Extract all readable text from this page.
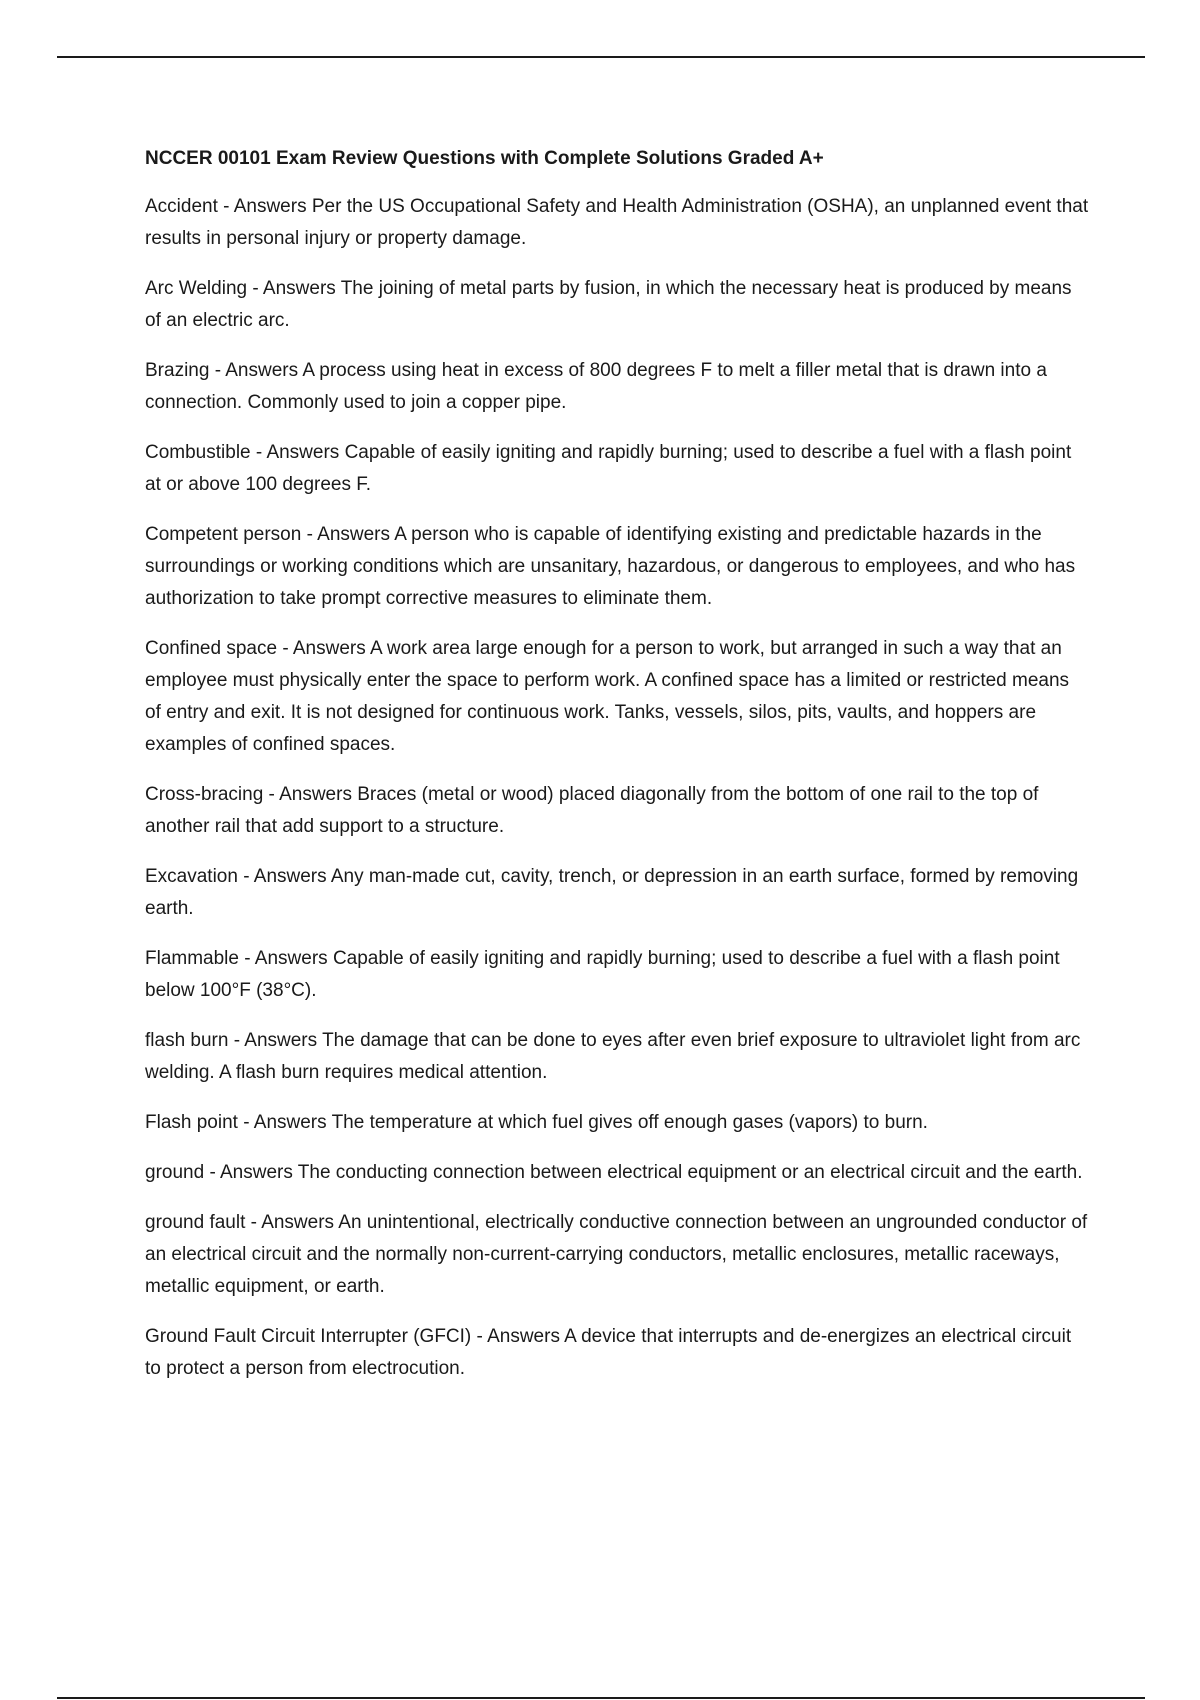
NCCER 00101 Exam Review Questions with Complete Solutions Graded A+

Accident - Answers Per the US Occupational Safety and Health Administration (OSHA), an unplanned event that results in personal injury or property damage.

Arc Welding - Answers The joining of metal parts by fusion, in which the necessary heat is produced by means of an electric arc.

Brazing - Answers A process using heat in excess of 800 degrees F to melt a filler metal that is drawn into a connection. Commonly used to join a copper pipe.

Combustible - Answers Capable of easily igniting and rapidly burning; used to describe a fuel with a flash point at or above 100 degrees F.

Competent person - Answers A person who is capable of identifying existing and predictable hazards in the surroundings or working conditions which are unsanitary, hazardous, or dangerous to employees, and who has authorization to take prompt corrective measures to eliminate them.

Confined space - Answers A work area large enough for a person to work, but arranged in such a way that an employee must physically enter the space to perform work. A confined space has a limited or restricted means of entry and exit. It is not designed for continuous work. Tanks, vessels, silos, pits, vaults, and hoppers are examples of confined spaces.

Cross-bracing - Answers Braces (metal or wood) placed diagonally from the bottom of one rail to the top of another rail that add support to a structure.

Excavation - Answers Any man-made cut, cavity, trench, or depression in an earth surface, formed by removing earth.

Flammable - Answers Capable of easily igniting and rapidly burning; used to describe a fuel with a flash point below 100°F (38°C).

flash burn - Answers The damage that can be done to eyes after even brief exposure to ultraviolet light from arc welding. A flash burn requires medical attention.

Flash point - Answers The temperature at which fuel gives off enough gases (vapors) to burn.

ground - Answers The conducting connection between electrical equipment or an electrical circuit and the earth.

ground fault - Answers An unintentional, electrically conductive connection between an ungrounded conductor of an electrical circuit and the normally non-current-carrying conductors, metallic enclosures, metallic raceways, metallic equipment, or earth.

Ground Fault Circuit Interrupter (GFCI) - Answers A device that interrupts and de-energizes an electrical circuit to protect a person from electrocution.
